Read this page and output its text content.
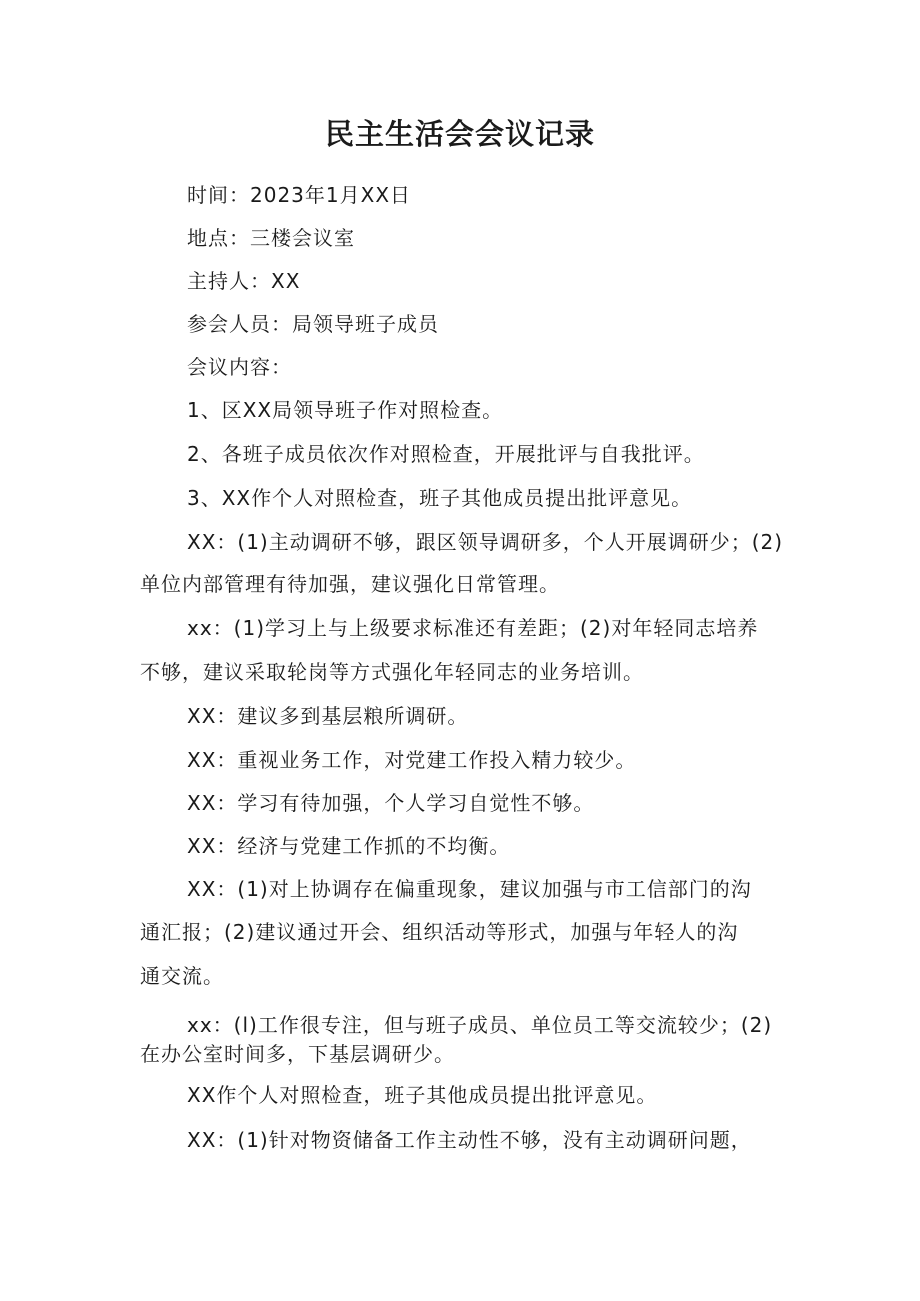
民主生活会会议记录

时间：2023年1月XX日

地点：三楼会议室

主持人：XX

参会人员：局领导班子成员

会议内容：

1、区XX局领导班子作对照检查。

2、各班子成员依次作对照检查，开展批评与自我批评。

3、XX作个人对照检查，班子其他成员提出批评意见。

XX：(1)主动调研不够，跟区领导调研多，个人开展调研少；(2)

单位内部管理有待加强，建议强化日常管理。

xx：(1)学习上与上级要求标准还有差距；(2)对年轻同志培养

不够，建议采取轮岗等方式强化年轻同志的业务培训。

XX：建议多到基层粮所调研。

XX：重视业务工作，对党建工作投入精力较少。

XX：学习有待加强，个人学习自觉性不够。

XX：经济与党建工作抓的不均衡。

XX：(1)对上协调存在偏重现象，建议加强与市工信部门的沟

通汇报；(2)建议通过开会、组织活动等形式，加强与年轻人的沟

通交流。

xx：(l)工作很专注，但与班子成员、单位员工等交流较少；(2)

在办公室时间多，下基层调研少。

XX作个人对照检查，班子其他成员提出批评意见。

XX：(1)针对物资储备工作主动性不够，没有主动调研问题，
